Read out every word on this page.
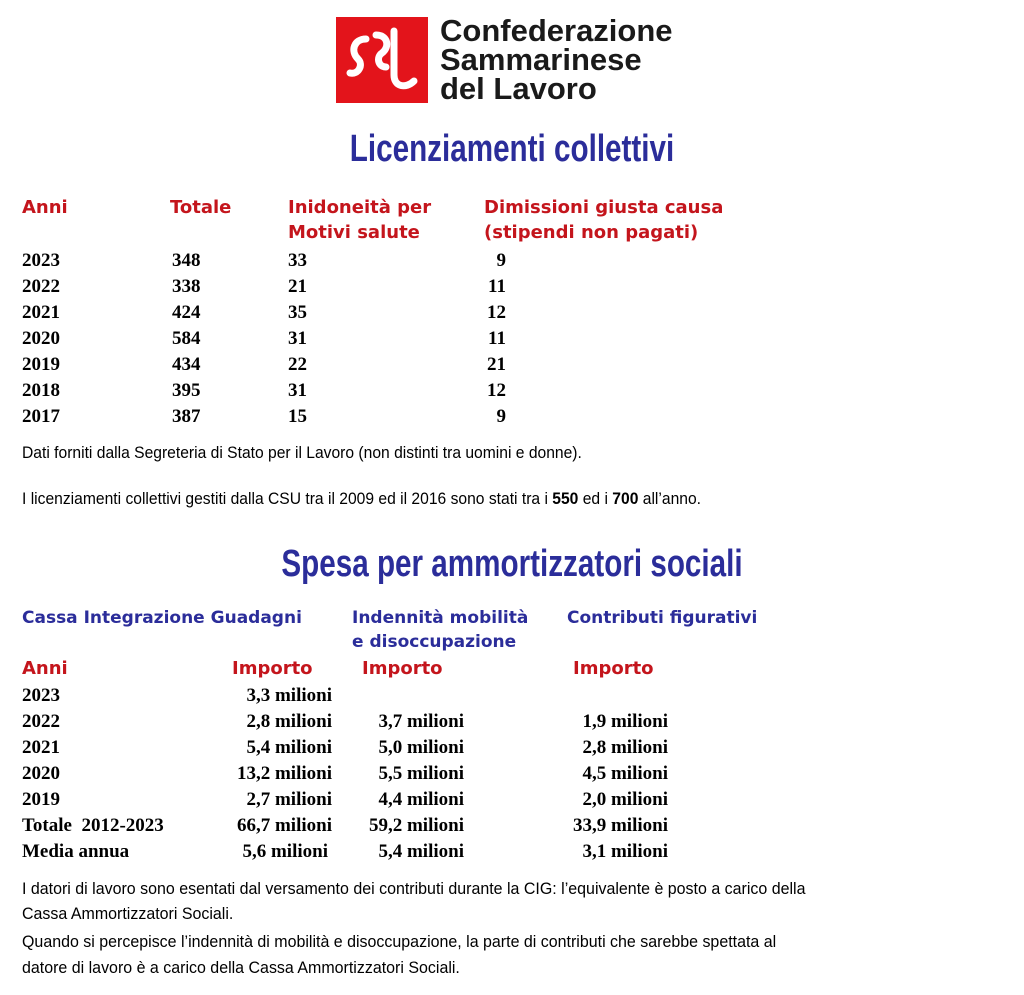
Confederazione
Sammarinese
del Lavoro
Licenziamenti collettivi
Anni	Totale	Inidoneità per
Motivi salute
Dimissioni giusta causa
(stipendi non pagati)
2023	348	33	9
2022	338	21	11
2021	424	35	12
2020	584	31	11
2019	434	22	21
2018	395	31	12
2017	387	15	9
Dati forniti dalla Segreteria di Stato per il Lavoro (non distinti tra uomini e donne).
I licenziamenti collettivi gestiti dalla CSU tra il 2009 ed il 2016 sono stati tra i 550 ed i 700 all’anno.
Spesa per ammortizzatori sociali
Cassa Integrazione Guadagni	Indennità mobilità
e disoccupazione
Contributi figurativi
Anni	Importo	Importo	Importo
2023	3,3 milioni
2022	2,8 milioni	3,7 milioni	1,9 milioni
2021	5,4 milioni	5,0 milioni	2,8 milioni
2020	13,2 milioni	5,5 milioni	4,5 milioni
2019	2,7 milioni	4,4 milioni	2,0 milioni
Totale  2012-2023	66,7 milioni	59,2 milioni	33,9 milioni
Media annua	5,6 milioni	5,4 milioni	3,1 milioni
I datori di lavoro sono esentati dal versamento dei contributi durante la CIG: l’equivalente è posto a carico della
Cassa Ammortizzatori Sociali.
Quando si percepisce l’indennità di mobilità e disoccupazione, la parte di contributi che sarebbe spettata al
datore di lavoro è a carico della Cassa Ammortizzatori Sociali.
